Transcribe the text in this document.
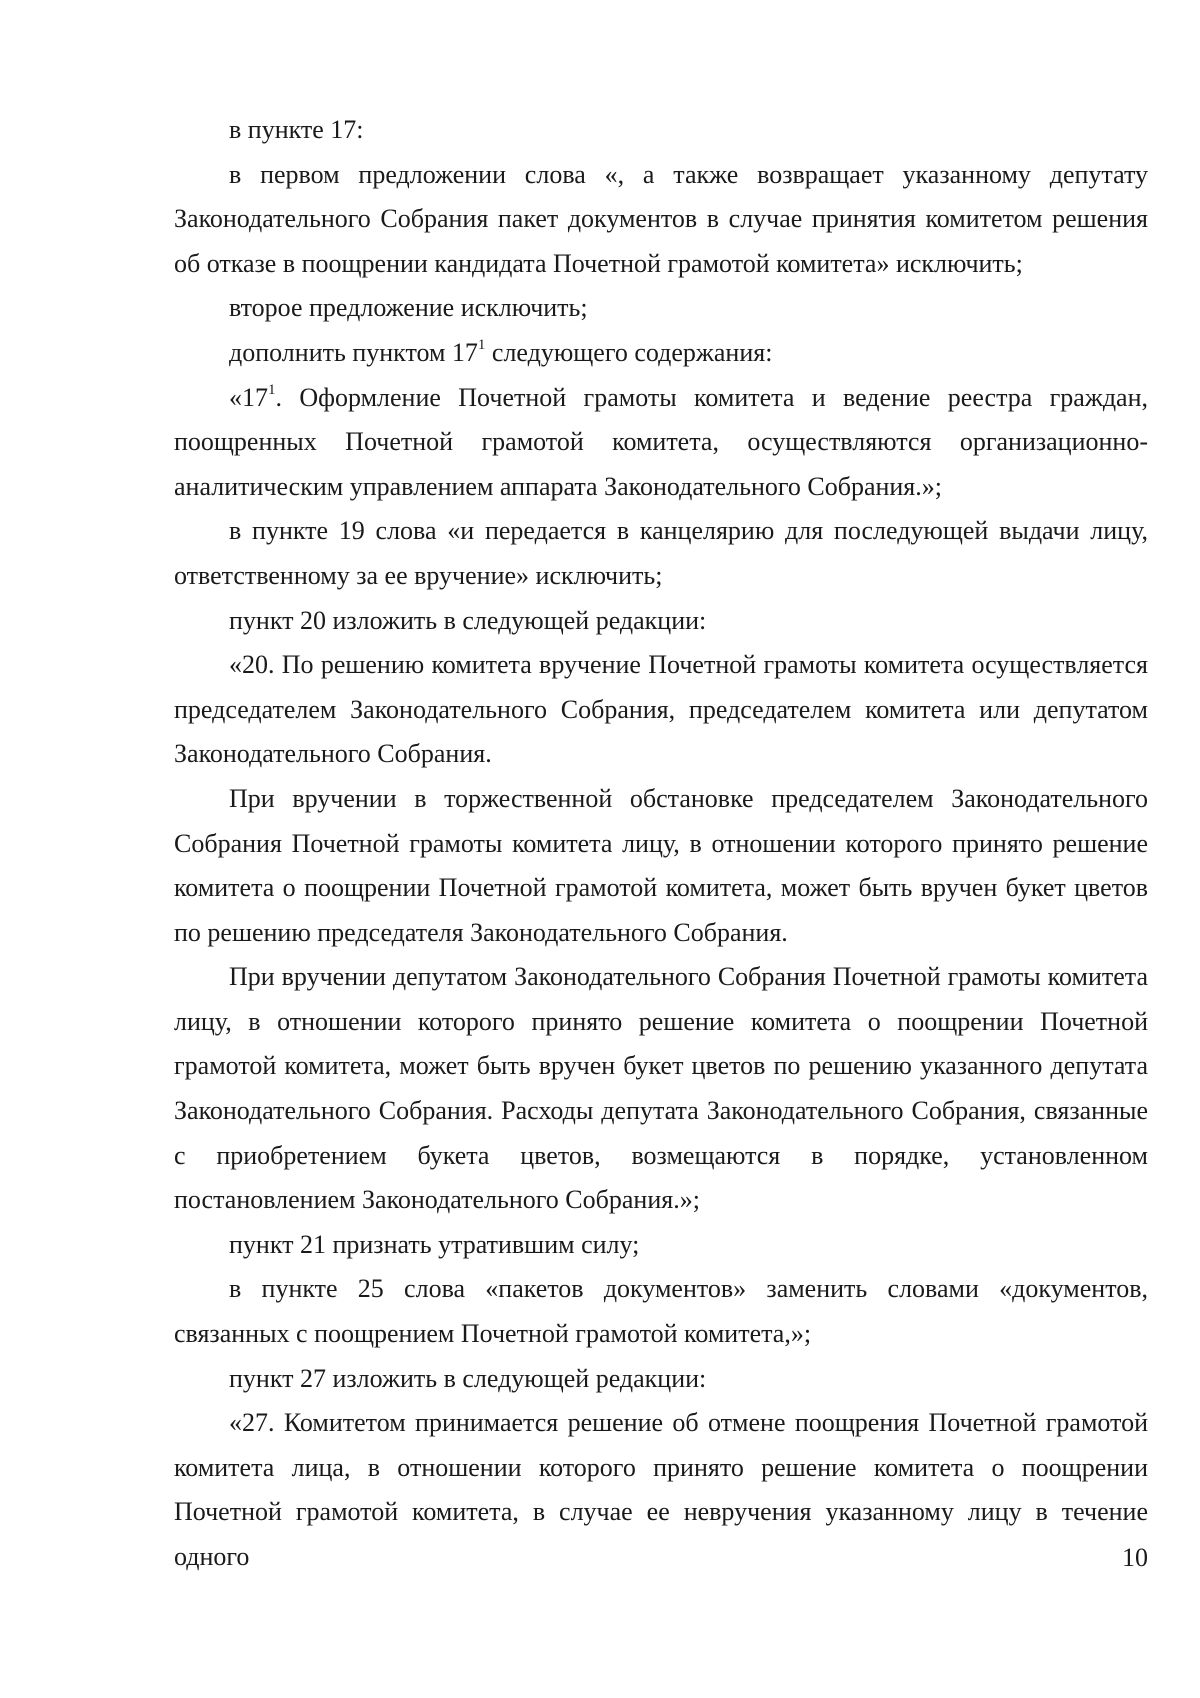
в пункте 17:

в первом предложении слова «, а также возвращает указанному депутату Законодательного Собрания пакет документов в случае принятия комитетом решения об отказе в поощрении кандидата Почетной грамотой комитета» исключить;

второе предложение исключить;

дополнить пунктом $17^1$ следующего содержания:

«$17^1$. Оформление Почетной грамоты комитета и ведение реестра граждан, поощренных Почетной грамотой комитета, осуществляются организационно-аналитическим управлением аппарата Законодательного Собрания.»;

в пункте 19 слова «и передается в канцелярию для последующей выдачи лицу, ответственному за ее вручение» исключить;

пункт 20 изложить в следующей редакции:

«20. По решению комитета вручение Почетной грамоты комитета осуществляется председателем Законодательного Собрания, председателем комитета или депутатом Законодательного Собрания.

При вручении в торжественной обстановке председателем Законодательного Собрания Почетной грамоты комитета лицу, в отношении которого принято решение комитета о поощрении Почетной грамотой комитета, может быть вручен букет цветов по решению председателя Законодательного Собрания.

При вручении депутатом Законодательного Собрания Почетной грамоты комитета лицу, в отношении которого принято решение комитета о поощрении Почетной грамотой комитета, может быть вручен букет цветов по решению указанного депутата Законодательного Собрания. Расходы депутата Законодательного Собрания, связанные с приобретением букета цветов, возмещаются в порядке, установленном постановлением Законодательного Собрания.»;

пункт 21 признать утратившим силу;

в пункте 25 слова «пакетов документов» заменить словами «документов, связанных с поощрением Почетной грамотой комитета,»;

пункт 27 изложить в следующей редакции:

«27. Комитетом принимается решение об отмене поощрения Почетной грамотой комитета лица, в отношении которого принято решение комитета о поощрении Почетной грамотой комитета, в случае ее невручения указанному лицу в течение одного	10
